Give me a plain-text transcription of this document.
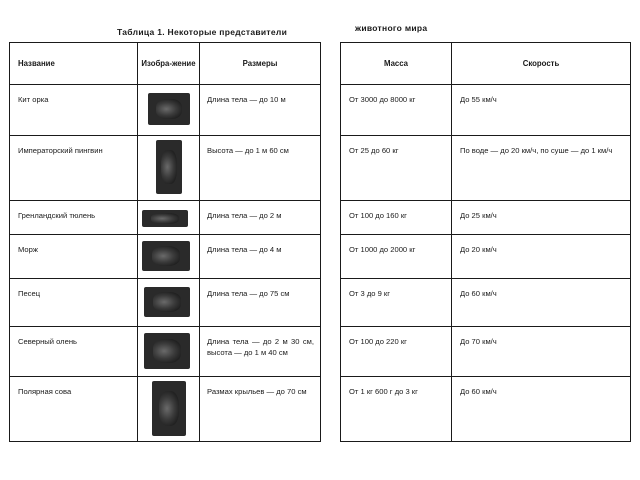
Таблица 1. Некоторые представители	животного мира
Название	Изобра-жение	Размеры
Кит орка		Длина тела — до 10 м
Императорский пингвин		Высота — до 1 м 60 см
Гренландский тюлень		Длина тела — до 2 м
Морж		Длина тела — до 4 м
Песец		Длина тела — до 75 см
Северный олень		Длина тела — до 2 м 30 см, высота — до 1 м 40 см
Полярная сова		Размах крыльев — до 70 см
Масса	Скорость
От 3000 до 8000 кг	До 55 км/ч
От 25 до 60 кг	По воде — до 20 км/ч, по суше — до 1 км/ч
От 100 до 160 кг	До 25 км/ч
От 1000 до 2000 кг	До 20 км/ч
От 3 до 9 кг	До 60 км/ч
От 100 до 220 кг	До 70 км/ч
От 1 кг 600 г до 3 кг	До 60 км/ч
